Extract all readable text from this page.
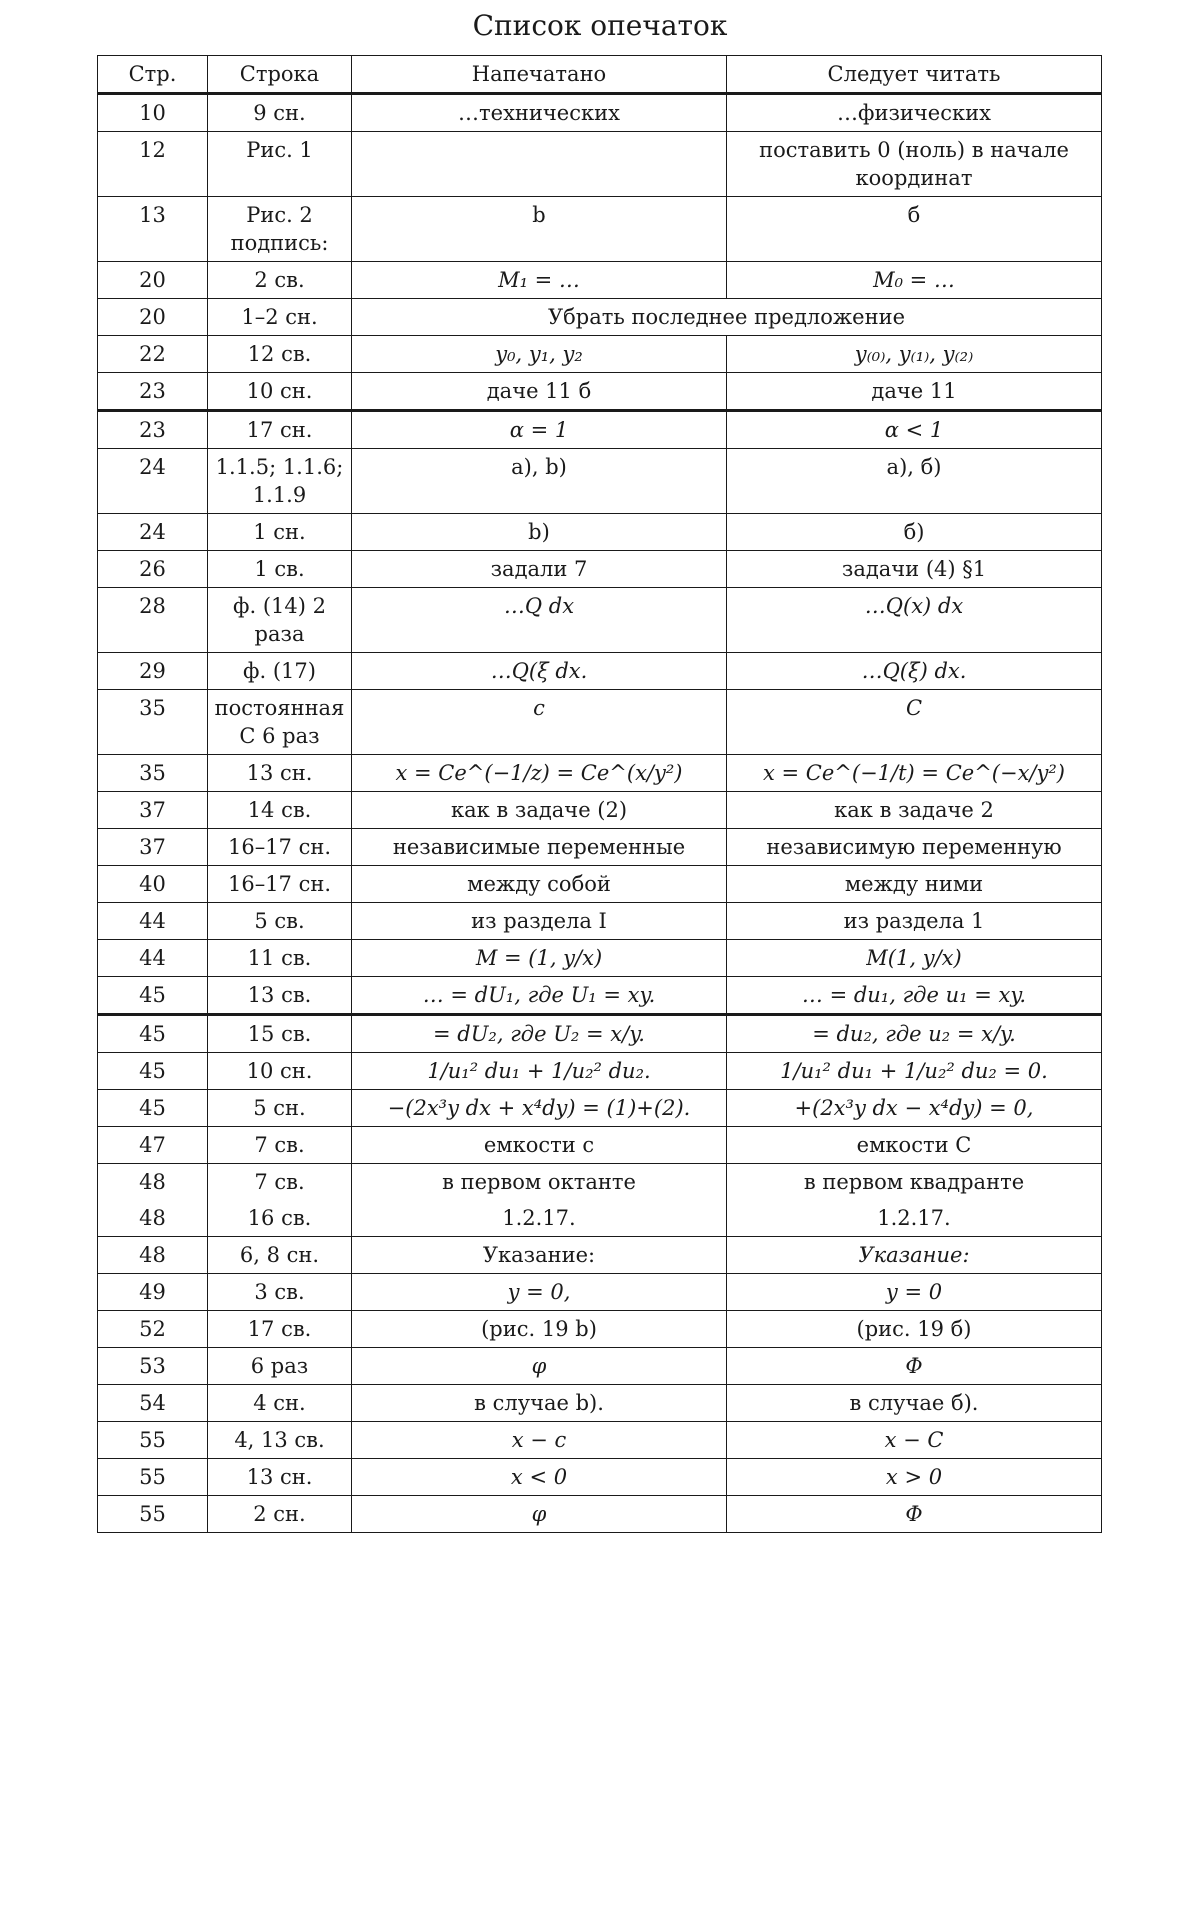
Список опечаток
Стр.	Строка	Напечатано	Следует читать
10	9 сн.	…технических	…физических
12	Рис. 1		поставить 0 (ноль) в начале координат
13	Рис. 2 подпись:	b	б
20	2 св.	M₁ = …	M₀ = …
20	1–2 сн.	Убрать последнее предложение	
22	12 св.	y₀, y₁, y₂	y₍₀₎, y₍₁₎, y₍₂₎
23	10 сн.	даче 11 б	даче 11
23	17 сн.	α = 1	α < 1
24	1.1.5; 1.1.6; 1.1.9	a), b)	а), б)
24	1 сн.	b)	б)
26	1 св.	задали 7	задачи (4) §1
28	ф. (14) 2 раза	…Q dx	…Q(x) dx
29	ф. (17)	…Q(ξ dx.	…Q(ξ) dx.
35	постоянная C 6 раз	c	C
35	13 сн.	x = Ce^(−1/z) = Ce^(x/y²)	x = Ce^(−1/t) = Ce^(−x/y²)
37	14 св.	как в задаче (2)	как в задаче 2
37	16–17 сн.	независимые переменные	независимую переменную
40	16–17 сн.	между собой	между ними
44	5 св.	из раздела I	из раздела 1
44	11 св.	M = (1, y/x)	M(1, y/x)
45	13 св.	… = dU₁, где U₁ = xy.	… = du₁, где u₁ = xy.
45	15 св.	= dU₂, где U₂ = x/y.	= du₂, где u₂ = x/y.
45	10 сн.	1/u₁² du₁ + 1/u₂² du₂.	1/u₁² du₁ + 1/u₂² du₂ = 0.
45	5 сн.	−(2x³y dx + x⁴dy) = (1)+(2).	+(2x³y dx − x⁴dy) = 0,
47	7 св.	емкости c	емкости C
48	7 св.	в первом октанте	в первом квадранте
48	16 св.	1.2.17.	1.2.17.
48	6, 8 сн.	Указание:	Указание:
49	3 св.	y = 0,	y = 0
52	17 св.	(рис. 19 b)	(рис. 19 б)
53	6 раз	φ	Φ
54	4 сн.	в случае b).	в случае б).
55	4, 13 св.	x − c	x − C
55	13 сн.	x < 0	x > 0
55	2 сн.	φ	Φ
